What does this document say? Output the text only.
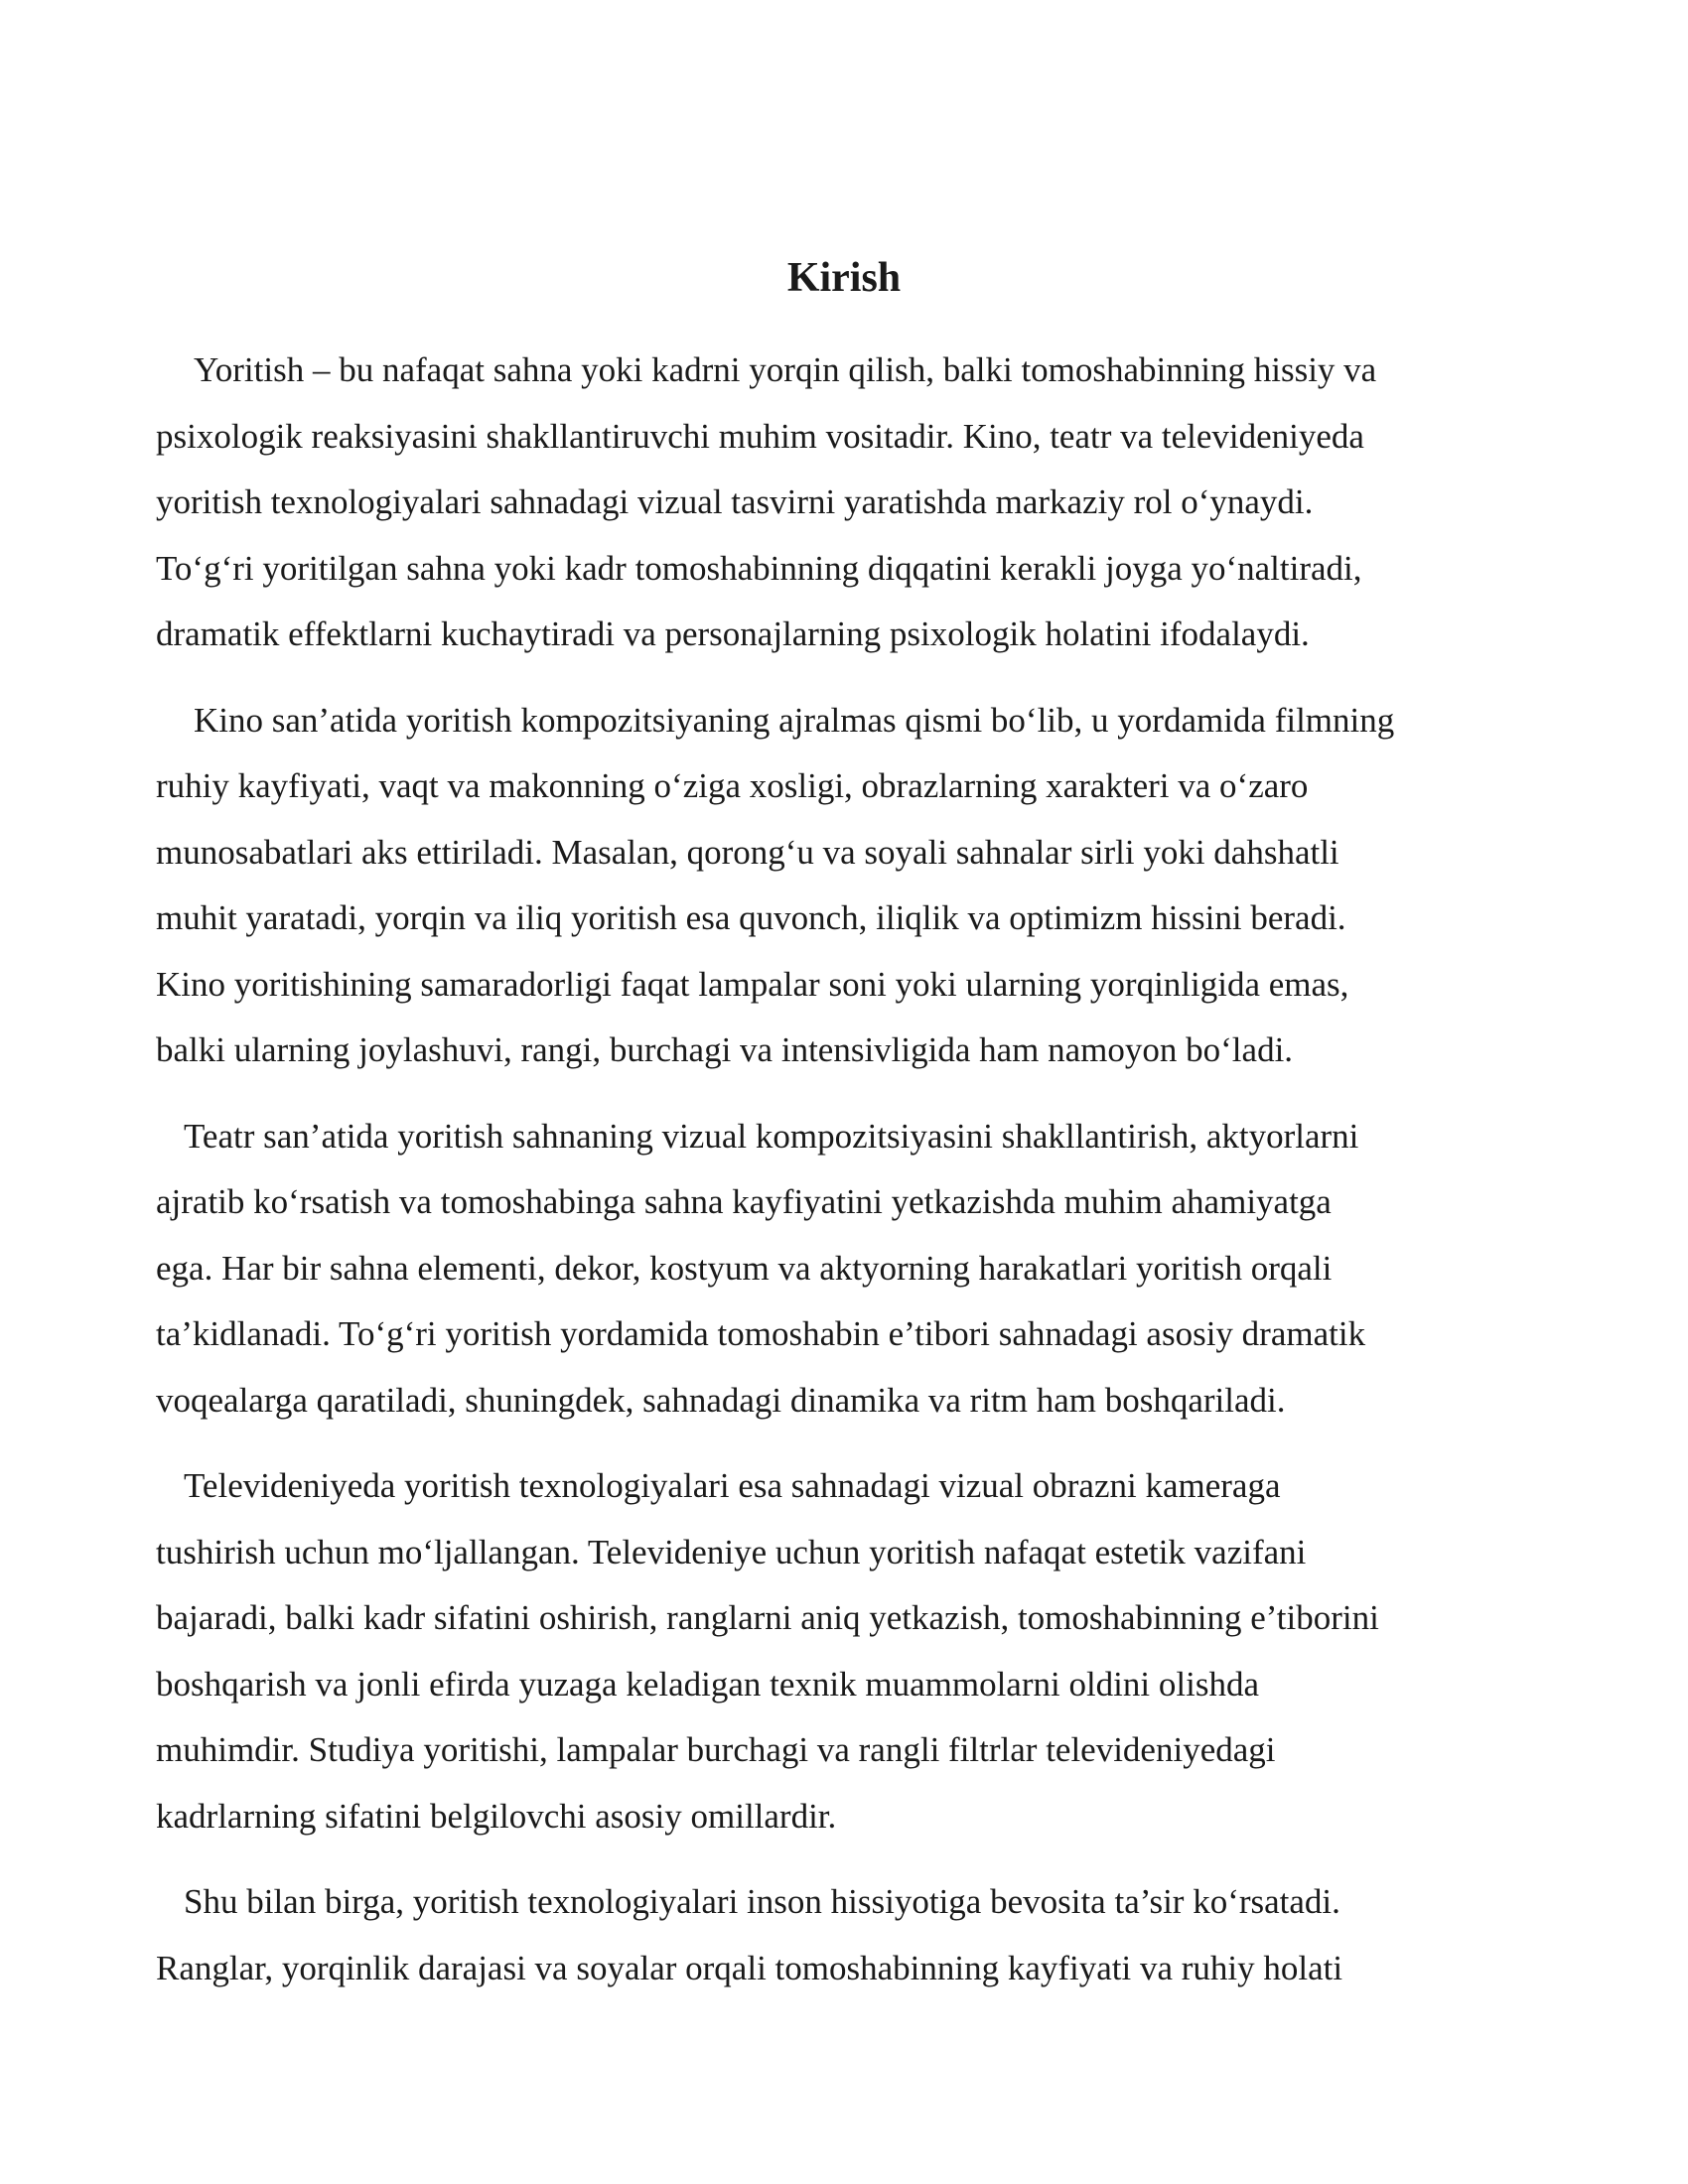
Kirish

Yoritish – bu nafaqat sahna yoki kadrni yorqin qilish, balki tomoshabinning hissiy va
psixologik reaksiyasini shakllantiruvchi muhim vositadir. Kino, teatr va televideniyeda
yoritish texnologiyalari sahnadagi vizual tasvirni yaratishda markaziy rol oʻynaydi.
Toʻgʻri yoritilgan sahna yoki kadr tomoshabinning diqqatini kerakli joyga yoʻnaltiradi,
dramatik effektlarni kuchaytiradi va personajlarning psixologik holatini ifodalaydi.

Kino san’atida yoritish kompozitsiyaning ajralmas qismi boʻlib, u yordamida filmning
ruhiy kayfiyati, vaqt va makonning oʻziga xosligi, obrazlarning xarakteri va oʻzaro
munosabatlari aks ettiriladi. Masalan, qorongʻu va soyali sahnalar sirli yoki dahshatli
muhit yaratadi, yorqin va iliq yoritish esa quvonch, iliqlik va optimizm hissini beradi.
Kino yoritishining samaradorligi faqat lampalar soni yoki ularning yorqinligida emas,
balki ularning joylashuvi, rangi, burchagi va intensivligida ham namoyon boʻladi.

Teatr san’atida yoritish sahnaning vizual kompozitsiyasini shakllantirish, aktyorlarni
ajratib koʻrsatish va tomoshabinga sahna kayfiyatini yetkazishda muhim ahamiyatga
ega. Har bir sahna elementi, dekor, kostyum va aktyorning harakatlari yoritish orqali
ta’kidlanadi. Toʻgʻri yoritish yordamida tomoshabin e’tibori sahnadagi asosiy dramatik
voqealarga qaratiladi, shuningdek, sahnadagi dinamika va ritm ham boshqariladi.

Televideniyeda yoritish texnologiyalari esa sahnadagi vizual obrazni kameraga
tushirish uchun moʻljallangan. Televideniye uchun yoritish nafaqat estetik vazifani
bajaradi, balki kadr sifatini oshirish, ranglarni aniq yetkazish, tomoshabinning e’tiborini
boshqarish va jonli efirda yuzaga keladigan texnik muammolarni oldini olishda
muhimdir. Studiya yoritishi, lampalar burchagi va rangli filtrlar televideniyedagi
kadrlarning sifatini belgilovchi asosiy omillardir.

Shu bilan birga, yoritish texnologiyalari inson hissiyotiga bevosita ta’sir koʻrsatadi.
Ranglar, yorqinlik darajasi va soyalar orqali tomoshabinning kayfiyati va ruhiy holati
